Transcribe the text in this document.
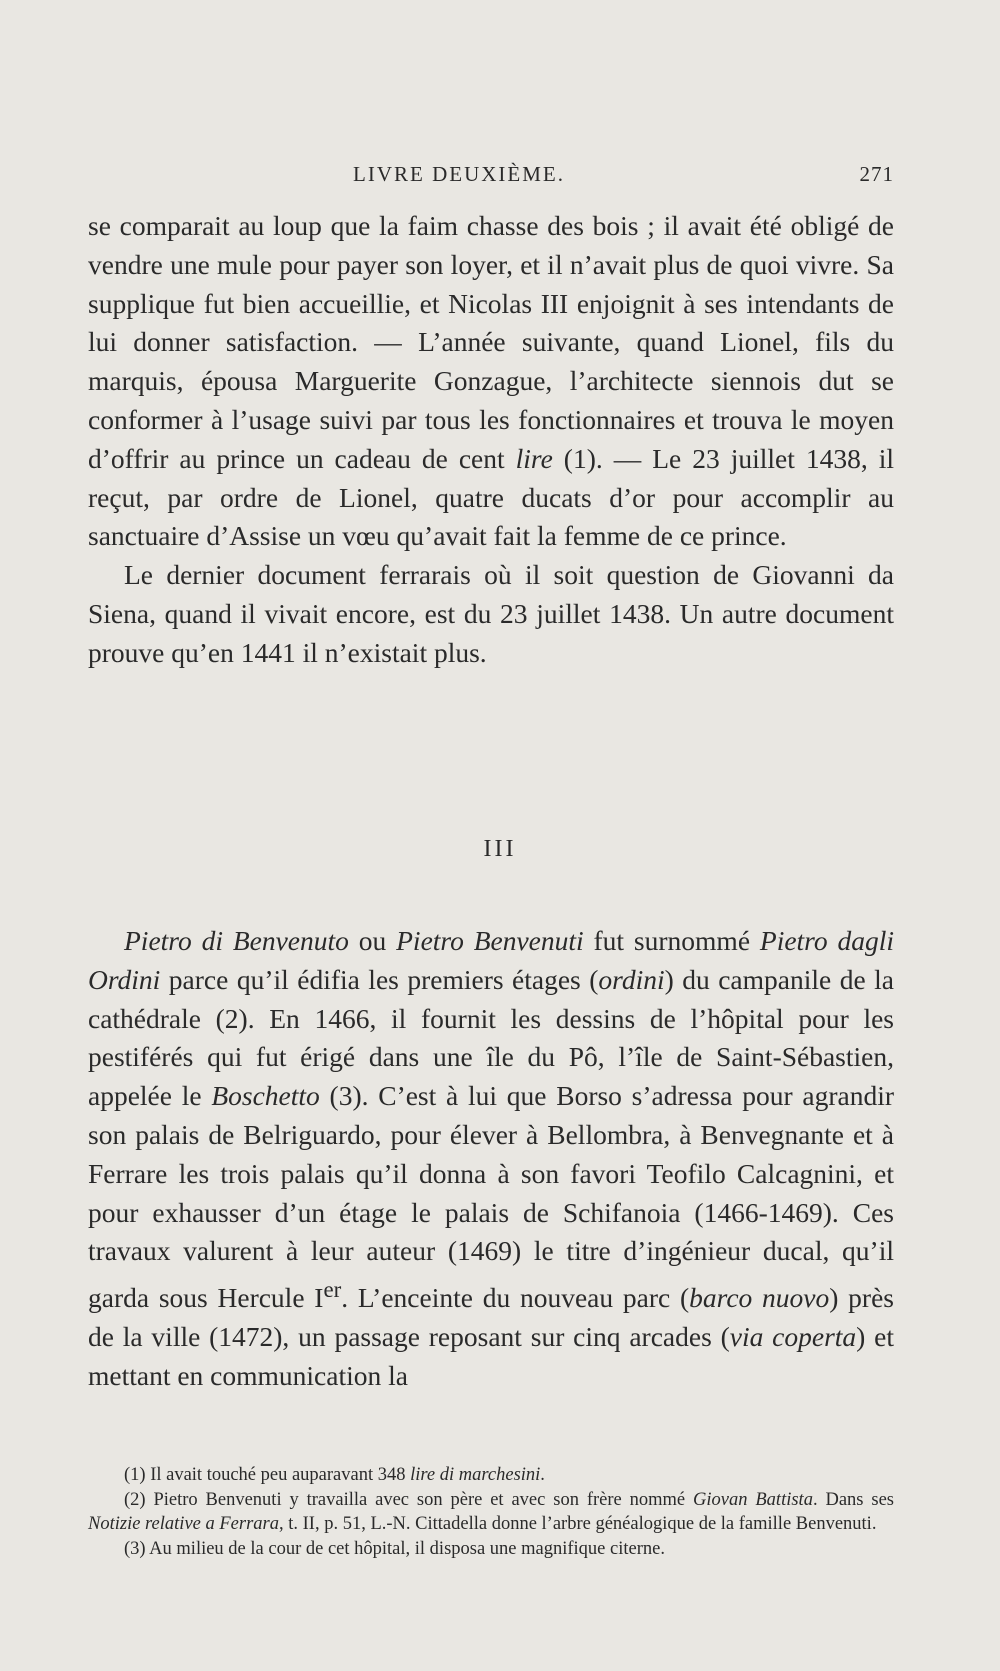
LIVRE DEUXIÈME.	271

se comparait au loup que la faim chasse des bois ; il avait été obligé de vendre une mule pour payer son loyer, et il n’avait plus de quoi vivre. Sa supplique fut bien accueillie, et Nicolas III enjoignit à ses intendants de lui donner satisfaction. — L’année suivante, quand Lionel, fils du marquis, épousa Marguerite Gonzague, l’architecte siennois dut se conformer à l’usage suivi par tous les fonctionnaires et trouva le moyen d’offrir au prince un cadeau de cent lire (1). — Le 23 juillet 1438, il reçut, par ordre de Lionel, quatre ducats d’or pour accomplir au sanctuaire d’Assise un vœu qu’avait fait la femme de ce prince.

Le dernier document ferrarais où il soit question de Giovanni da Siena, quand il vivait encore, est du 23 juillet 1438. Un autre document prouve qu’en 1441 il n’existait plus.

III

Pietro di Benvenuto ou Pietro Benvenuti fut surnommé Pietro dagli Ordini parce qu’il édifia les premiers étages (ordini) du campanile de la cathédrale (2). En 1466, il fournit les dessins de l’hôpital pour les pestiférés qui fut érigé dans une île du Pô, l’île de Saint-Sébastien, appelée le Boschetto (3). C’est à lui que Borso s’adressa pour agrandir son palais de Belriguardo, pour élever à Bellombra, à Benvegnante et à Ferrare les trois palais qu’il donna à son favori Teofilo Calcagnini, et pour exhausser d’un étage le palais de Schifanoia (1466-1469). Ces travaux valurent à leur auteur (1469) le titre d’ingénieur ducal, qu’il garda sous Hercule Ier. L’enceinte du nouveau parc (barco nuovo) près de la ville (1472), un passage reposant sur cinq arcades (via coperta) et mettant en communication la

(1) Il avait touché peu auparavant 348 lire di marchesini.

(2) Pietro Benvenuti y travailla avec son père et avec son frère nommé Giovan Battista. Dans ses Notizie relative a Ferrara, t. II, p. 51, L.-N. Cittadella donne l’arbre généalogique de la famille Benvenuti.

(3) Au milieu de la cour de cet hôpital, il disposa une magnifique citerne.
